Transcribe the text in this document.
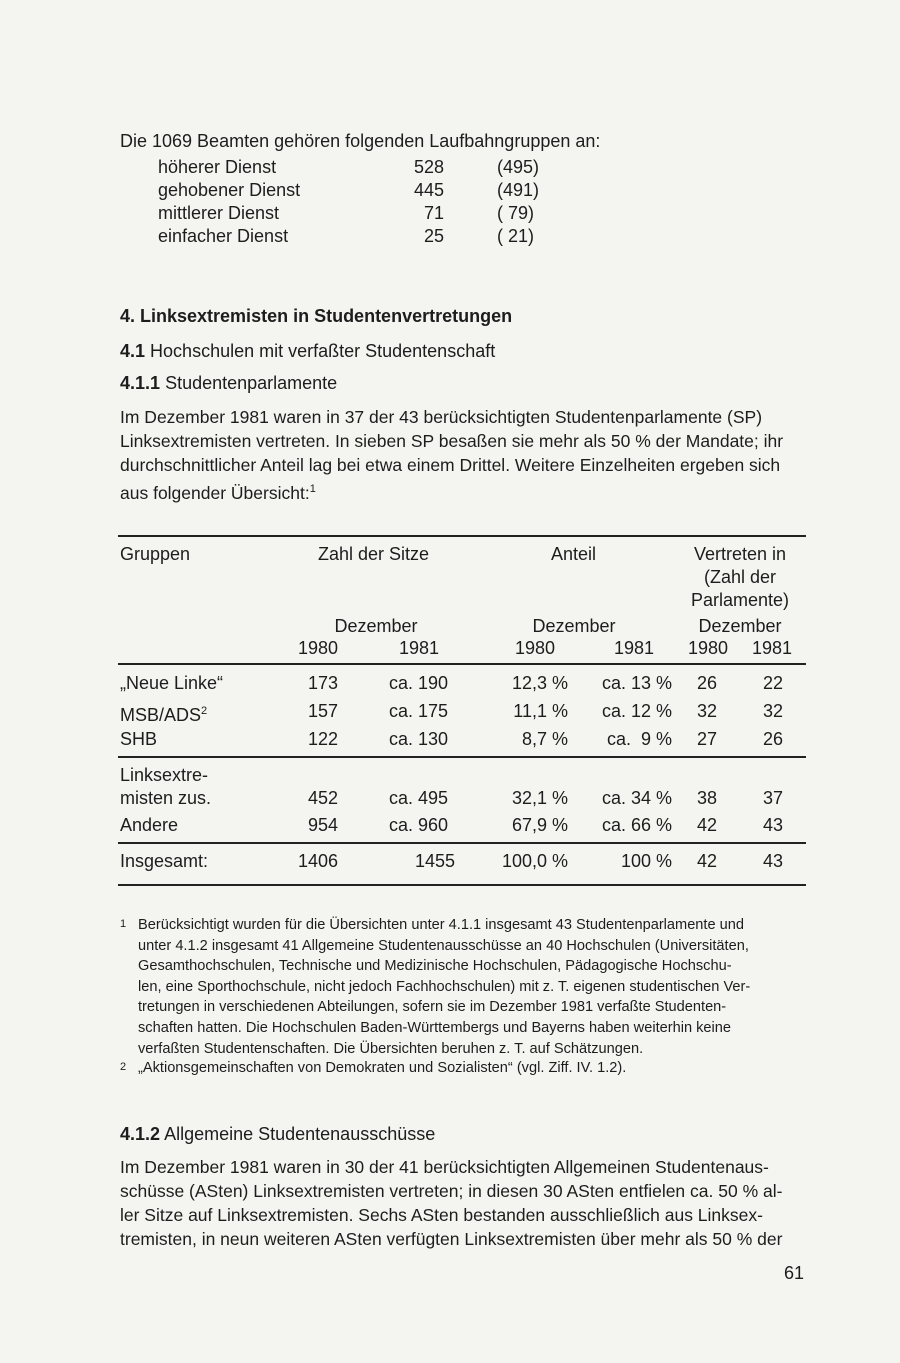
Die 1069 Beamten gehören folgenden Laufbahngruppen an:
höherer Dienst	528	(495)
gehobener Dienst	445	(491)
mittlerer Dienst	71	( 79)
einfacher Dienst	25	( 21)
4. Linksextremisten in Studentenvertretungen
4.1 Hochschulen mit verfaßter Studentenschaft
4.1.1 Studentenparlamente
Im Dezember 1981 waren in 37 der 43 berücksichtigten Studentenparlamente (SP)
Linksextremisten vertreten. In sieben SP besaßen sie mehr als 50 % der Mandate; ihr
durchschnittlicher Anteil lag bei etwa einem Drittel. Weitere Einzelheiten ergeben sich
aus folgender Übersicht:$^1$
Gruppen	Zahl der Sitze	Anteil	Vertreten in
(Zahl der
Parlamente)
Dezember	Dezember	Dezember
1980	1981	1980	1981 1980 1981
„Neue Linke“	173	ca. 190	12,3 %	ca. 13 %	26	22
MSB/ADS$^2$	157	ca. 175	11,1 %	ca. 12 %	32	32
SHB	122	ca. 130	8,7 %	ca.  9 %	27	26
Linksextre-
misten zus.	452	ca. 495	32,1 %	ca. 34 %	38	37
Andere	954	ca. 960	67,9 %	ca. 66 %	42	43
Insgesamt:	1406	1455	100,0 %	100 %	42	43
1 Berücksichtigt wurden für die Übersichten unter 4.1.1 insgesamt 43 Studentenparlamente und
unter 4.1.2 insgesamt 41 Allgemeine Studentenausschüsse an 40 Hochschulen (Universitäten,
Gesamthochschulen, Technische und Medizinische Hochschulen, Pädagogische Hochschu-
len, eine Sporthochschule, nicht jedoch Fachhochschulen) mit z. T. eigenen studentischen Ver-
tretungen in verschiedenen Abteilungen, sofern sie im Dezember 1981 verfaßte Studenten-
schaften hatten. Die Hochschulen Baden-Württembergs und Bayerns haben weiterhin keine
verfaßten Studentenschaften. Die Übersichten beruhen z. T. auf Schätzungen.
2 „Aktionsgemeinschaften von Demokraten und Sozialisten“ (vgl. Ziff. IV. 1.2).
4.1.2 Allgemeine Studentenausschüsse
Im Dezember 1981 waren in 30 der 41 berücksichtigten Allgemeinen Studentenaus-
schüsse (ASten) Linksextremisten vertreten; in diesen 30 ASten entfielen ca. 50 % al-
ler Sitze auf Linksextremisten. Sechs ASten bestanden ausschließlich aus Linksex-
tremisten, in neun weiteren ASten verfügten Linksextremisten über mehr als 50 % der
61
